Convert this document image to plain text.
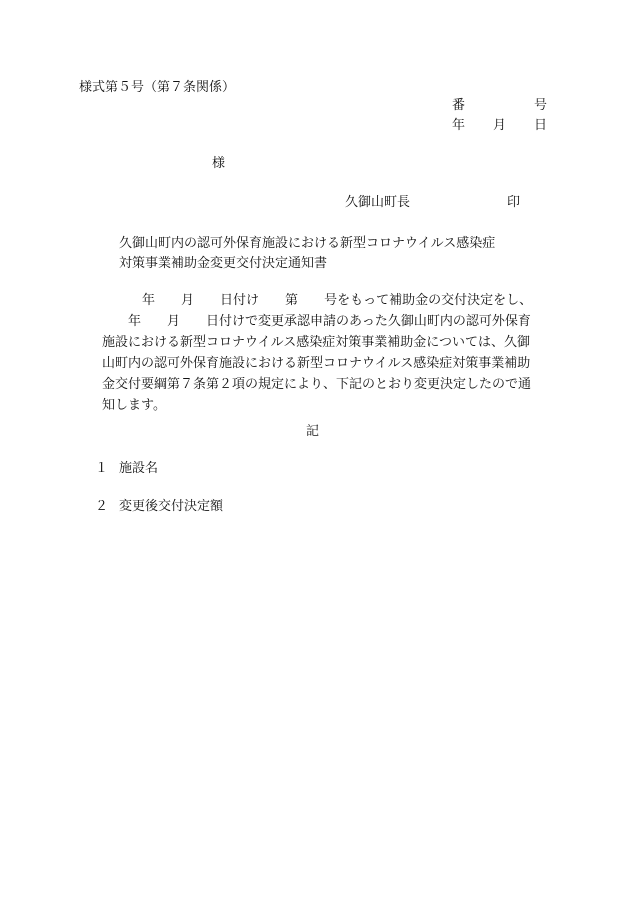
様式第５号（第７条関係）
番	号
年 月 日
様
久御山町長	印
久御山町内の認可外保育施設における新型コロナウイルス感染症
対策事業補助金変更交付決定通知書

年 月 日付け 第 号をもって補助金の交付決定をし、

年 月 日付けで変更承認申請のあった久御山町内の認可外保育

施設における新型コロナウイルス感染症対策事業補助金については、久御

山町内の認可外保育施設における新型コロナウイルス感染症対策事業補助

金交付要綱第７条第２項の規定により、下記のとおり変更決定したので通

知します。

記
１ 施設名
２ 変更後交付決定額
